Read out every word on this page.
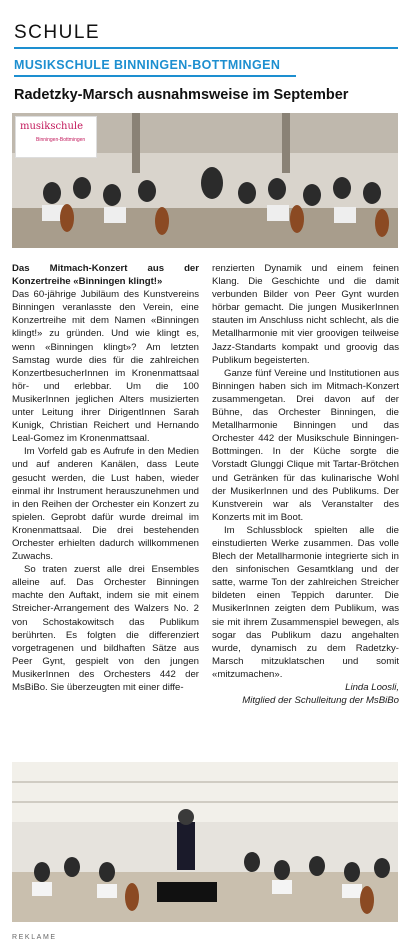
SCHULE
MUSIKSCHULE BINNINGEN-BOTTMINGEN
Radetzky-Marsch ausnahmsweise im September
musikschule
Binningen-Bottmingen

Das Mitmach-Konzert aus der Konzertreihe «Binningen klingt!»

Das 60-jährige Jubiläum des Kunstvereins Binningen veranlasste den Verein, eine Konzertreihe mit dem Namen «Binningen klingt!» zu gründen. Und wie klingt es, wenn «Binningen klingt»? Am letzten Samstag wurde dies für die zahlreichen KonzertbesucherInnen im Kronenmattsaal hör- und erlebbar. Um die 100 MusikerInnen jeglichen Alters musizierten unter Leitung ihrer DirigentInnen Sarah Kunigk, Christian Reichert und Hernando Leal-Gomez im Kronenmattsaal.

Im Vorfeld gab es Aufrufe in den Medien und auf anderen Kanälen, dass Leute gesucht werden, die Lust haben, wieder einmal ihr Instrument herauszunehmen und in den Reihen der Orchester ein Konzert zu spielen. Geprobt dafür wurde dreimal im Kronenmattsaal. Die drei bestehenden Orchester erhielten dadurch willkommenen Zuwachs.

So traten zuerst alle drei Ensembles alleine auf. Das Orchester Binningen machte den Auftakt, indem sie mit einem Streicher-Arrangement des Walzers No. 2 von Schostakowitsch das Publikum berührten. Es folgten die differenziert vorgetragenen und bildhaften Sätze aus Peer Gynt, gespielt von den jungen MusikerInnen des Orchesters 442 der MsBiBo. Sie überzeugten mit einer diffe-

renzierten Dynamik und einem feinen Klang. Die Geschichte und die damit verbunden Bilder von Peer Gynt wurden hörbar gemacht. Die jungen MusikerInnen stauten im Anschluss nicht schlecht, als die Metallharmonie mit vier groovigen teilweise Jazz-Standarts kompakt und groovig das Publikum begeisterten.

Ganze fünf Vereine und Institutionen aus Binningen haben sich im Mitmach-Konzert zusammengetan. Drei davon auf der Bühne, das Orchester Binningen, die Metallharmonie Binningen und das Orchester 442 der Musikschule Binningen-Bottmingen. In der Küche sorgte die Vorstadt Glunggi Clique mit Tartar-Brötchen und Getränken für das kulinarische Wohl der MusikerInnen und des Publikums. Der Kunstverein war als Veranstalter des Konzerts mit im Boot.

Im Schlussblock spielten alle die einstudierten Werke zusammen. Das volle Blech der Metallharmonie integrierte sich in den sinfonischen Gesamtklang und der satte, warme Ton der zahlreichen Streicher bildeten einen Teppich darunter. Die MusikerInnen zeigten dem Publikum, was sie mit ihrem Zusammenspiel bewegen, als sogar das Publikum dazu angehalten wurde, dynamisch zu dem Radetzky-Marsch mitzuklatschen und somit «mitzumachen».

Linda Loosli,

Mitglied der Schulleitung der MsBiBo

REKLAME
